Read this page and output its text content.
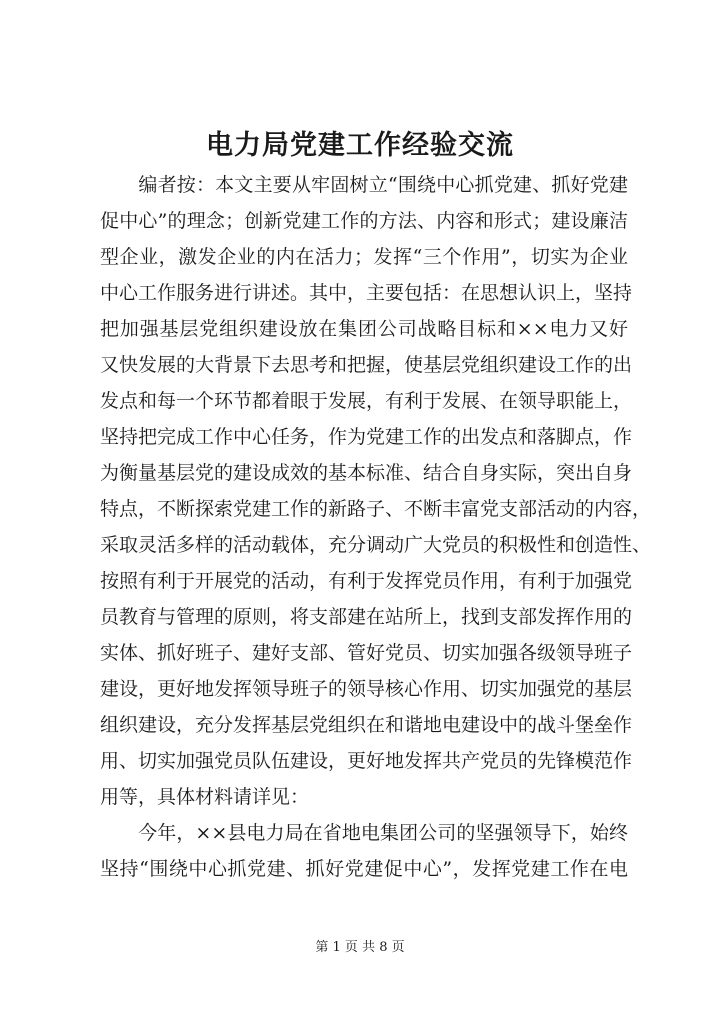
电力局党建工作经验交流
　　编者按：本文主要从牢固树立“围绕中心抓党建、抓好党建
促中心”的理念；创新党建工作的方法、内容和形式；建设廉洁
型企业，激发企业的内在活力；发挥“三个作用”，切实为企业
中心工作服务进行讲述。其中，主要包括：在思想认识上，坚持
把加强基层党组织建设放在集团公司战略目标和××电力又好
又快发展的大背景下去思考和把握，使基层党组织建设工作的出
发点和每一个环节都着眼于发展，有利于发展、在领导职能上，
坚持把完成工作中心任务，作为党建工作的出发点和落脚点，作
为衡量基层党的建设成效的基本标准、结合自身实际，突出自身
特点，不断探索党建工作的新路子、不断丰富党支部活动的内容，
采取灵活多样的活动载体，充分调动广大党员的积极性和创造性、
按照有利于开展党的活动，有利于发挥党员作用，有利于加强党
员教育与管理的原则，将支部建在站所上，找到支部发挥作用的
实体、抓好班子、建好支部、管好党员、切实加强各级领导班子
建设，更好地发挥领导班子的领导核心作用、切实加强党的基层
组织建设，充分发挥基层党组织在和谐地电建设中的战斗堡垒作
用、切实加强党员队伍建设，更好地发挥共产党员的先锋模范作
用等，具体材料请详见：
　　今年，××县电力局在省地电集团公司的坚强领导下，始终
坚持“围绕中心抓党建、抓好党建促中心”，发挥党建工作在电
第 1 页 共 8 页
